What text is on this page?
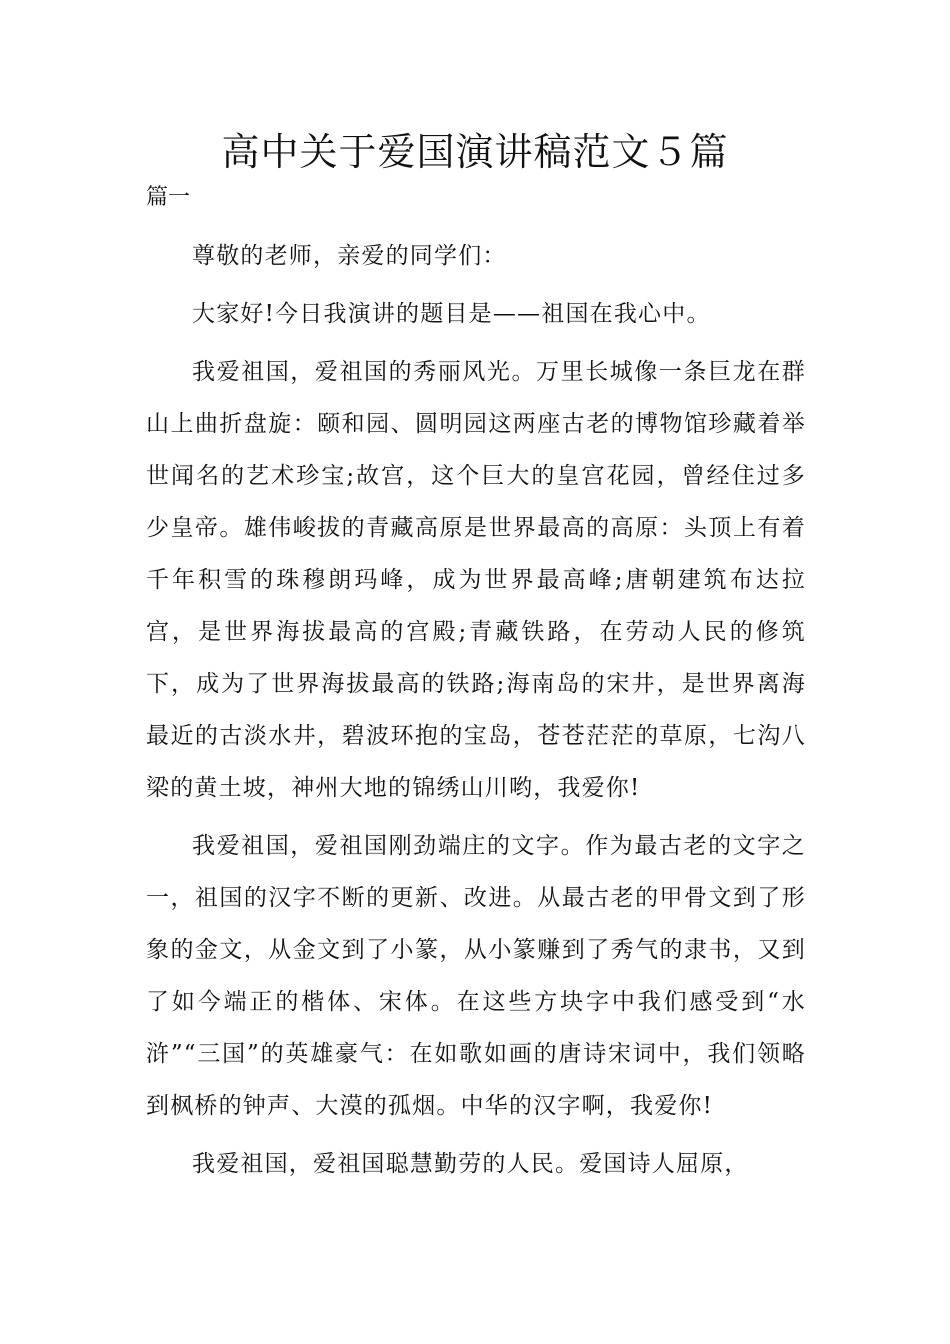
高中关于爱国演讲稿范文５篇
篇一

尊敬的老师，亲爱的同学们：

大家好!今日我演讲的题目是——祖国在我心中。

我爱祖国，爱祖国的秀丽风光。万里长城像一条巨龙在群山上曲折盘旋：颐和园、圆明园这两座古老的博物馆珍藏着举世闻名的艺术珍宝;故宫，这个巨大的皇宫花园，曾经住过多少皇帝。雄伟峻拔的青藏高原是世界最高的高原：头顶上有着千年积雪的珠穆朗玛峰，成为世界最高峰;唐朝建筑布达拉宫，是世界海拔最高的宫殿;青藏铁路，在劳动人民的修筑下，成为了世界海拔最高的铁路;海南岛的宋井，是世界离海最近的古淡水井，碧波环抱的宝岛，苍苍茫茫的草原，七沟八梁的黄土坡，神州大地的锦绣山川哟，我爱你!

我爱祖国，爱祖国刚劲端庄的文字。作为最古老的文字之一，祖国的汉字不断的更新、改进。从最古老的甲骨文到了形象的金文，从金文到了小篆，从小篆赚到了秀气的隶书，又到了如今端正的楷体、宋体。在这些方块字中我们感受到“水浒”“三国”的英雄豪气：在如歌如画的唐诗宋词中，我们领略到枫桥的钟声、大漠的孤烟。中华的汉字啊，我爱你!

我爱祖国，爱祖国聪慧勤劳的人民。爱国诗人屈原，
